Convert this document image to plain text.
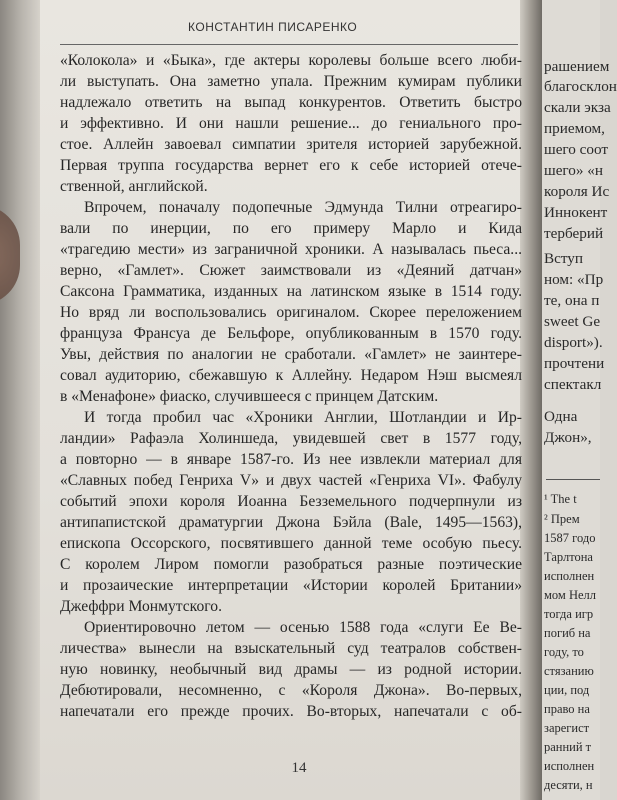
КОНСТАНТИН ПИСАРЕНКО
«Колокола» и «Быка», где актеры королевы больше всего люби-
ли выступать. Она заметно упала. Прежним кумирам публики
надлежало ответить на выпад конкурентов. Ответить быстро
и эффективно. И они нашли решение... до гениального про-
стое. Аллейн завоевал симпатии зрителя историей зарубежной.
Первая труппа государства вернет его к себе историей отече-
ственной, английской.
Впрочем, поначалу подопечные Эдмунда Тилни отреагиро-
вали по инерции, по его примеру Марло и Кида
«трагедию мести» из заграничной хроники. А называлась пьеса...
верно, «Гамлет». Сюжет заимствовали из «Деяний датчан»
Саксона Грамматика, изданных на латинском языке в 1514 году.
Но вряд ли воспользовались оригиналом. Скорее переложением
француза Франсуа де Бельфоре, опубликованным в 1570 году.
Увы, действия по аналогии не сработали. «Гамлет» не заинтере-
совал аудиторию, сбежавшую к Аллейну. Недаром Нэш высмеял
в «Менафоне» фиаско, случившееся с принцем Датским.
И тогда пробил час «Хроники Англии, Шотландии и Ир-
ландии» Рафаэла Холиншеда, увидевшей свет в 1577 году,
а повторно — в январе 1587-го. Из нее извлекли материал для
«Славных побед Генриха V» и двух частей «Генриха VI». Фабулу
событий эпохи короля Иоанна Безземельного подчерпнули из
антипапистской драматургии Джона Бэйла (Bale, 1495—1563),
епископа Оссорского, посвятившего данной теме особую пьесу.
С королем Лиром помогли разобраться разные поэтические
и прозаические интерпретации «Истории королей Британии»
Джеффри Монмутского.
Ориентировочно летом — осенью 1588 года «слуги Ее Ве-
личества» вынесли на взыскательный суд театралов собствен-
ную новинку, необычный вид драмы — из родной истории.
Дебютировали, несомненно, с «Короля Джона». Во-первых,
напечатали его прежде прочих. Во-вторых, напечатали с об-
14
рашением
благосклон
скали экза
приемом,
шего соот
шего» «н
короля Ис
Иннокент
терберий
Вступ
ном: «Пр
те, она п
sweet Ge
disport»).
прочтени
спектакл
Одна
Джон»,
¹ The t
² Прем
1587 годо
Тарлтона
исполнен
мом Нелл
тогда игр
погиб на
году, то
стязанию
ции, под
право на
зарегист
ранний т
исполнен
десяти, н
